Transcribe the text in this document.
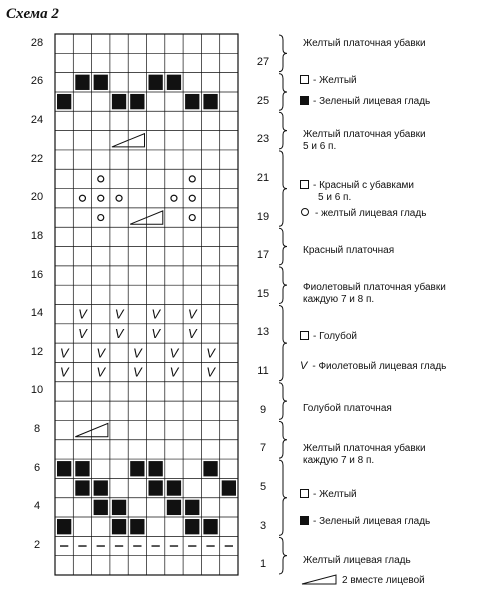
Схема 2
V V V V
V V V V
V V V V V
V V V V V
28
26
24
22
20
18
16
14
12
10
8
6
4
2
27
25
23
21
19
17
15
13
11
9
7
5
3
1
Желтый платочная убавки
Желтый платочная убавки
5 и 6 п.
Красный платочная
Фиолетовый платочная убавки
каждую 7 и 8 п.
Голубой платочная
Желтый платочная убавки
каждую 7 и 8 п.
Желтый лицевая гладь
- Желтый
- Зеленый лицевая гладь
- Красный с убавками
5 и 6 п.
- желтый лицевая гладь
- Голубой
V - Фиолетовый лицевая гладь
- Желтый
- Зеленый лицевая гладь
2 вместе лицевой
